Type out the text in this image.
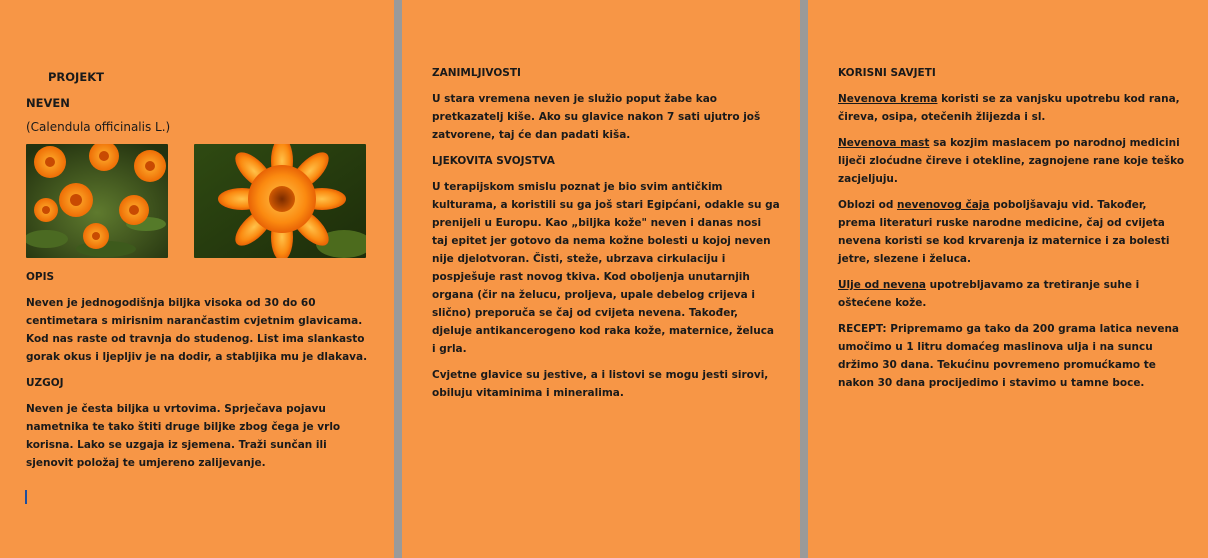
PROJEKT

NEVEN

(Calendula officinalis L.)

OPIS

Neven je jednogodišnja biljka visoka od 30 do 60 centimetara s mirisnim narančastim cvjetnim glavicama. Kod nas raste od travnja do studenog. List ima slankasto gorak okus i ljepljiv je na dodir, a stabljika mu je dlakava.

UZGOJ

Neven je česta biljka u vrtovima. Sprječava pojavu nametnika te tako štiti druge biljke zbog čega je vrlo korisna. Lako se uzgaja iz sjemena. Traži sunčan ili sjenovit položaj te umjereno zalijevanje.

ZANIMLJIVOSTI

U stara vremena neven je služio poput žabe kao pretkazatelj kiše. Ako su glavice nakon 7 sati ujutro još zatvorene, taj će dan padati kiša.

LJEKOVITA SVOJSTVA

U terapijskom smislu poznat je bio svim antičkim kulturama, a koristili su ga još stari Egipćani, odakle su ga prenijeli u Europu. Kao „biljka kože" neven i danas nosi taj epitet jer gotovo da nema kožne bolesti u kojoj neven nije djelotvoran. Čisti, steže, ubrzava cirkulaciju i pospješuje rast novog tkiva. Kod oboljenja unutarnjih organa (čir na želucu, proljeva, upale debelog crijeva i slično) preporuča se čaj od cvijeta nevena. Također, djeluje antikancerogeno kod raka kože, maternice, želuca i grla.

Cvjetne glavice su jestive, a i listovi se mogu jesti sirovi, obiluju vitaminima i mineralima.

KORISNI SAVJETI

Nevenova krema koristi se za vanjsku upotrebu kod rana, čireva, osipa, otečenih žlijezda i sl.

Nevenova mast sa kozjim maslacem po narodnoj medicini liječi zloćudne čireve i otekline, zagnojene rane koje teško zacjeljuju.

Oblozi od nevenovog čaja poboljšavaju vid. Također, prema literaturi ruske narodne medicine, čaj od cvijeta nevena koristi se kod krvarenja iz maternice i za bolesti jetre, slezene i želuca.

Ulje od nevena upotrebljavamo za tretiranje suhe i oštećene kože.

RECEPT: Pripremamo ga tako da 200 grama latica nevena umočimo u 1 litru domaćeg maslinova ulja i na suncu držimo 30 dana. Tekućinu povremeno promućkamo te nakon 30 dana procijedimo i stavimo u tamne boce.
